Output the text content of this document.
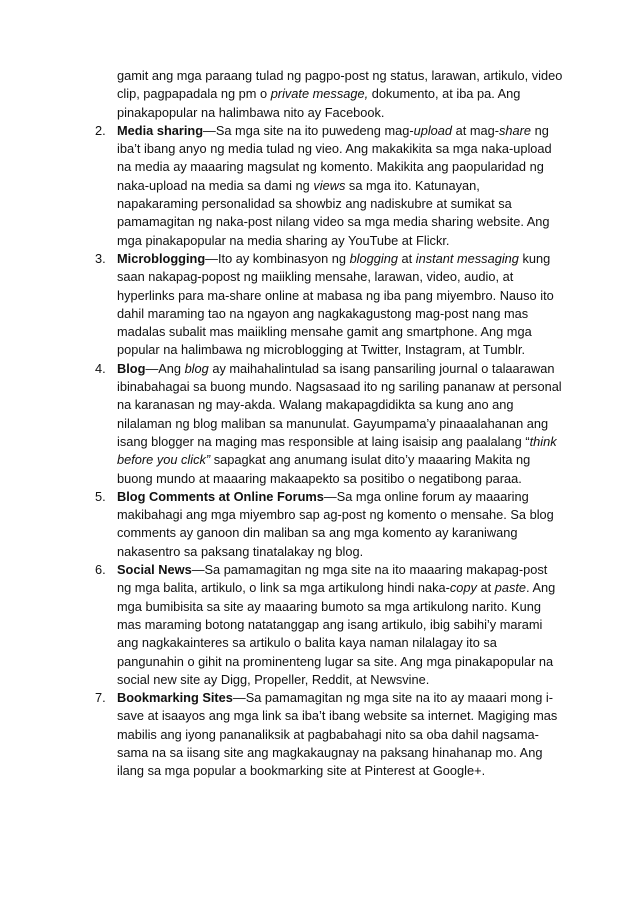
gamit ang mga paraang tulad ng pagpo-post ng status, larawan, artikulo, video clip, pagpapadala ng pm o private message, dokumento, at iba pa. Ang pinakapopular na halimbawa nito ay Facebook.

2. Media sharing—Sa mga site na ito puwedeng mag-upload at mag-share ng iba’t ibang anyo ng media tulad ng vieo. Ang makakikita sa mga naka-upload na media ay maaaring magsulat ng komento. Makikita ang paopularidad ng naka-upload na media sa dami ng views sa mga ito. Katunayan, napakaraming personalidad sa showbiz ang nadiskubre at sumikat sa pamamagitan ng naka-post nilang video sa mga media sharing website. Ang mga pinakapopular na media sharing ay YouTube at Flickr.
3. Microblogging—Ito ay kombinasyon ng blogging at instant messaging kung saan nakapag-popost ng maiikling mensahe, larawan, video, audio, at hyperlinks para ma-share online at mabasa ng iba pang miyembro. Nauso ito dahil maraming tao na ngayon ang nagkakagustong mag-post nang mas madalas subalit mas maiikling mensahe gamit ang smartphone. Ang mga popular na halimbawa ng microblogging at Twitter, Instagram, at Tumblr.
4. Blog—Ang blog ay maihahalintulad sa isang pansariling journal o talaarawan ibinabahagai sa buong mundo. Nagsasaad ito ng sariling pananaw at personal na karanasan ng may-akda. Walang makapagdidikta sa kung ano ang nilalaman ng blog maliban sa manunulat. Gayumpama’y pinaaalahanan ang isang blogger na maging mas responsible at laing isaisip ang paalalang “think before you click” sapagkat ang anumang isulat dito’y maaaring Makita ng buong mundo at maaaring makaapekto sa positibo o negatibong paraa.
5. Blog Comments at Online Forums—Sa mga online forum ay maaaring makibahagi ang mga miyembro sap ag-post ng komento o mensahe. Sa blog comments ay ganoon din maliban sa ang mga komento ay karaniwang nakasentro sa paksang tinatalakay ng blog.
6. Social News—Sa pamamagitan ng mga site na ito maaaring makapag-post ng mga balita, artikulo, o link sa mga artikulong hindi naka-copy at paste. Ang mga bumibisita sa site ay maaaring bumoto sa mga artikulong narito. Kung mas maraming botong natatanggap ang isang artikulo, ibig sabihi’y marami ang nagkakainteres sa artikulo o balita kaya naman nilalagay ito sa pangunahin o gihit na prominenteng lugar sa site. Ang mga pinakapopular na social new site ay Digg, Propeller, Reddit, at Newsvine.
7. Bookmarking Sites—Sa pamamagitan ng mga site na ito ay maaari mong i-save at isaayos ang mga link sa iba’t ibang website sa internet. Magiging mas mabilis ang iyong pananaliksik at pagbabahagi nito sa oba dahil nagsama-sama na sa iisang site ang magkakaugnay na paksang hinahanap mo. Ang ilang sa mga popular a bookmarking site at Pinterest at Google+.
